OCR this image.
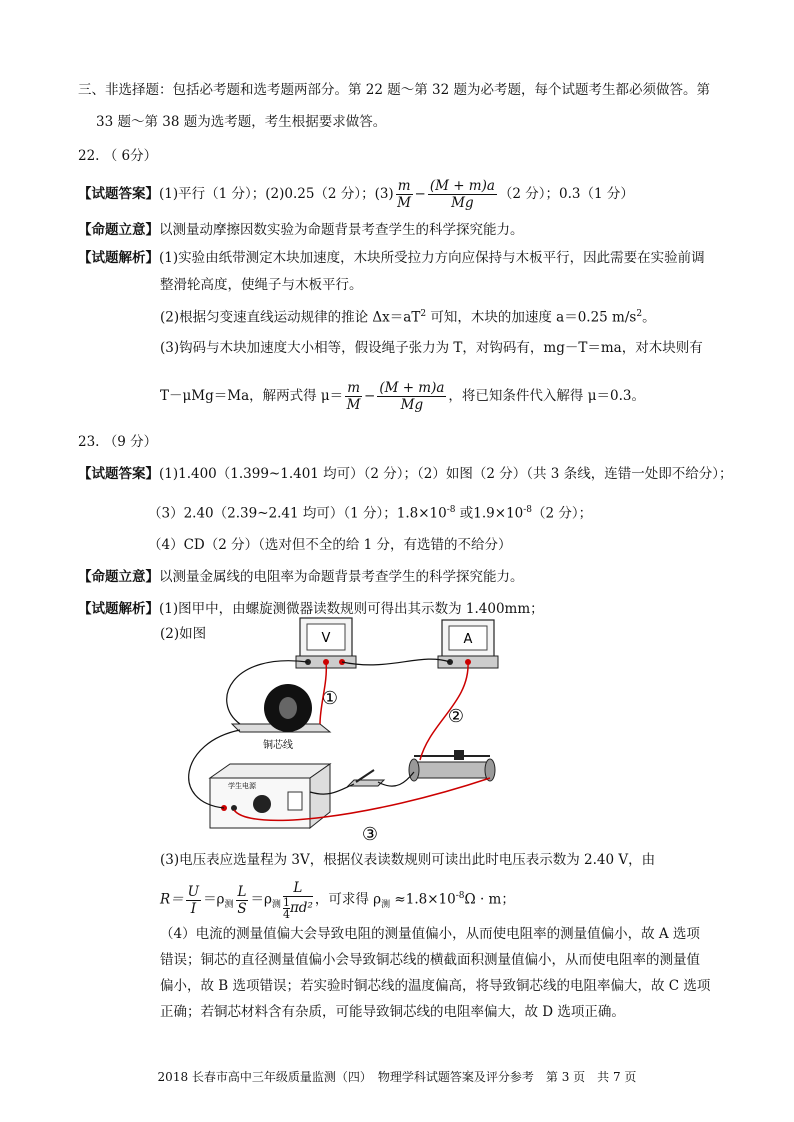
三、非选择题：包括必考题和选考题两部分。第 22 题～第 32 题为必考题，每个试题考生都必须做答。第
33 题～第 38 题为选考题，考生根据要求做答。
22. （ 6分）
【试题答案】(1)平行（1 分）；(2)0.25（2 分）；$(3) \frac{m}{M} - \frac{(M + m)a}{Mg} (2$ 分）；0.3（1 分）
【命题立意】以测量动摩擦因数实验为命题背景考查学生的科学探究能力。
【试题解析】(1)实验由纸带测定木块加速度，木块所受拉力方向应保持与木板平行，因此需要在实验前调
整滑轮高度，使绳子与木板平行。
(2)根据匀变速直线运动规律的推论 $\Delta x=aT^2$ 可知，木块的加速度 a＝0.25 $m/s^2$。
(3)钩码与木块加速度大小相等，假设绳子张力为 T，对钩码有，mg－T＝ma，对木块则有
T－μMg＝Ma，解两式得 $\mu= \frac{m}{M} - \frac{(M + m)a}{Mg}$ ，将已知条件代入解得 μ＝0.3。
23. （9 分）
【试题答案】(1)1.400（1.399~1.401 均可）（2 分）；（2）如图（2 分）（共 3 条线，连错一处即不给分）；
（3）2.40（2.39~2.41 均可）（1 分）；$1.8\times 10^{-8}$ 或$1.9\times 10^{-8}(2$ 分）；
（4）CD（2 分）（选对但不全的给 1 分，有选错的不给分）
【命题立意】以测量金属线的电阻率为命题背景考查学生的科学探究能力。
【试题解析】(1)图甲中，由螺旋测微器读数规则可得出其示数为 1.400mm；
(2)如图	V	A
铜芯线
①
②
③
学生电源
(3)电压表应选量程为 3V，根据仪表读数规则可读出此时电压表示数为 2.40 V，由
$R= \frac{U}{I} =\rho_测 \frac{L}{S} =\rho_测 \frac{L}{\frac{1}{4} \pi d^2}$ ，可求得 $\rho_测 \approx 1.8\times 10^{-8}\Omega \cdot m$；
（4）电流的测量值偏大会导致电阻的测量值偏小，从而使电阻率的测量值偏小，故 A 选项
错误；铜芯的直径测量值偏小会导致铜芯线的横截面积测量值偏小，从而使电阻率的测量值
偏小，故 B 选项错误；若实验时铜芯线的温度偏高，将导致铜芯线的电阻率偏大，故 C 选项
正确；若铜芯材料含有杂质，可能导致铜芯线的电阻率偏大，故 D 选项正确。
2018 长春市高中三年级质量监测（四）　物理学科试题答案及评分参考　第 3 页　共 7 页
